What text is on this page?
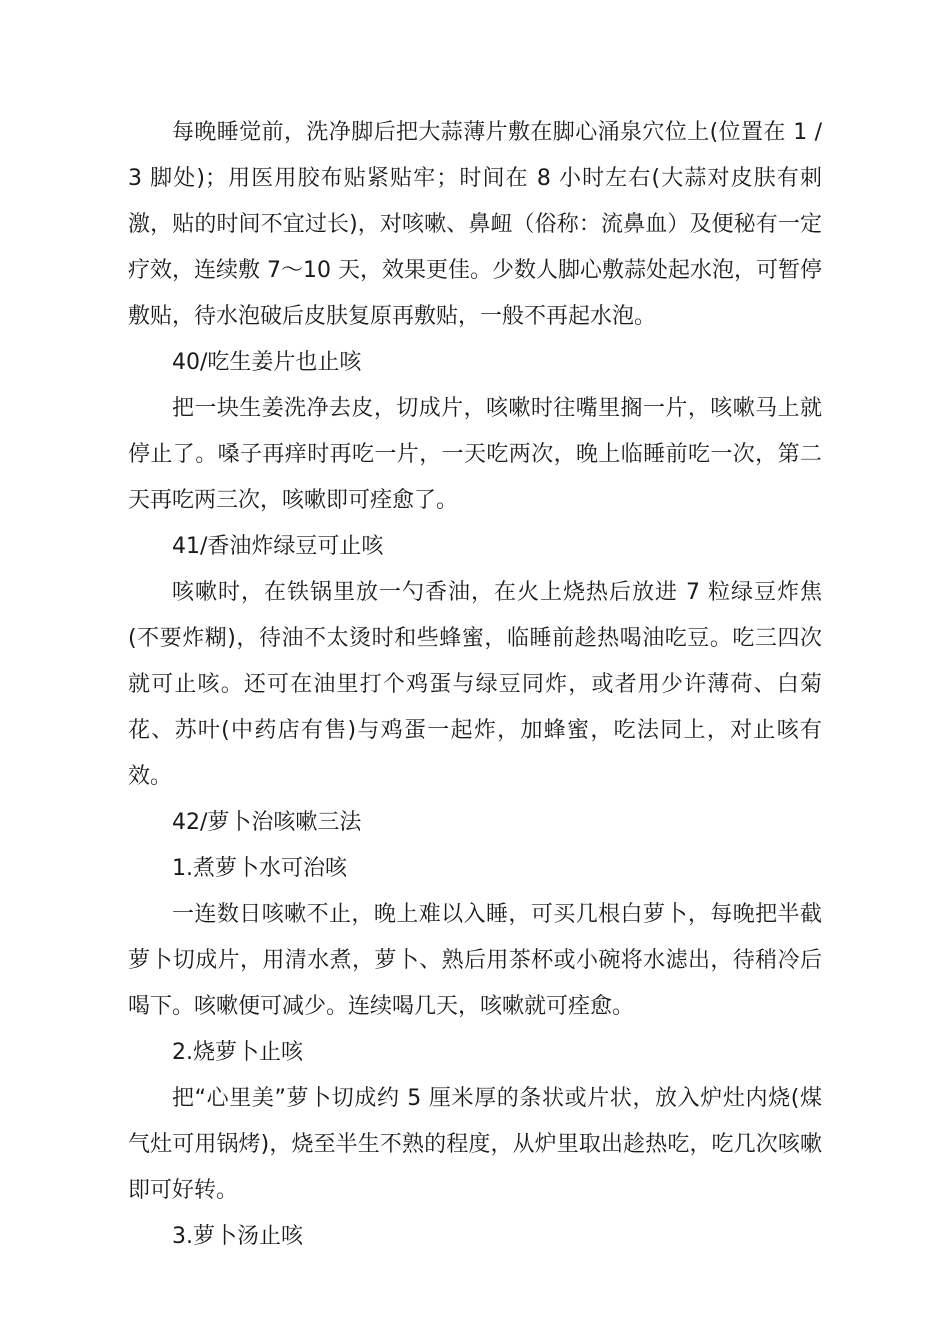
每晚睡觉前，洗净脚后把大蒜薄片敷在脚心涌泉穴位上(位置在 1 / 3 脚处)；用医用胶布贴紧贴牢；时间在 8 小时左右(大蒜对皮肤有刺激，贴的时间不宜过长)，对咳嗽、鼻衄（俗称：流鼻血）及便秘有一定疗效，连续敷 7～10 天，效果更佳。少数人脚心敷蒜处起水泡，可暂停敷贴，待水泡破后皮肤复原再敷贴，一般不再起水泡。

40/吃生姜片也止咳

把一块生姜洗净去皮，切成片，咳嗽时往嘴里搁一片，咳嗽马上就停止了。嗓子再痒时再吃一片，一天吃两次，晚上临睡前吃一次，第二天再吃两三次，咳嗽即可痊愈了。

41/香油炸绿豆可止咳

咳嗽时，在铁锅里放一勺香油，在火上烧热后放进 7 粒绿豆炸焦(不要炸糊)，待油不太烫时和些蜂蜜，临睡前趁热喝油吃豆。吃三四次就可止咳。还可在油里打个鸡蛋与绿豆同炸，或者用少许薄荷、白菊花、苏叶(中药店有售)与鸡蛋一起炸，加蜂蜜，吃法同上，对止咳有效。

42/萝卜治咳嗽三法

1.煮萝卜水可治咳

一连数日咳嗽不止，晚上难以入睡，可买几根白萝卜，每晚把半截萝卜切成片，用清水煮，萝卜、熟后用茶杯或小碗将水滤出，待稍冷后喝下。咳嗽便可减少。连续喝几天，咳嗽就可痊愈。

2.烧萝卜止咳

把“心里美”萝卜切成约 5 厘米厚的条状或片状，放入炉灶内烧(煤气灶可用锅烤)，烧至半生不熟的程度，从炉里取出趁热吃，吃几次咳嗽即可好转。

3.萝卜汤止咳
